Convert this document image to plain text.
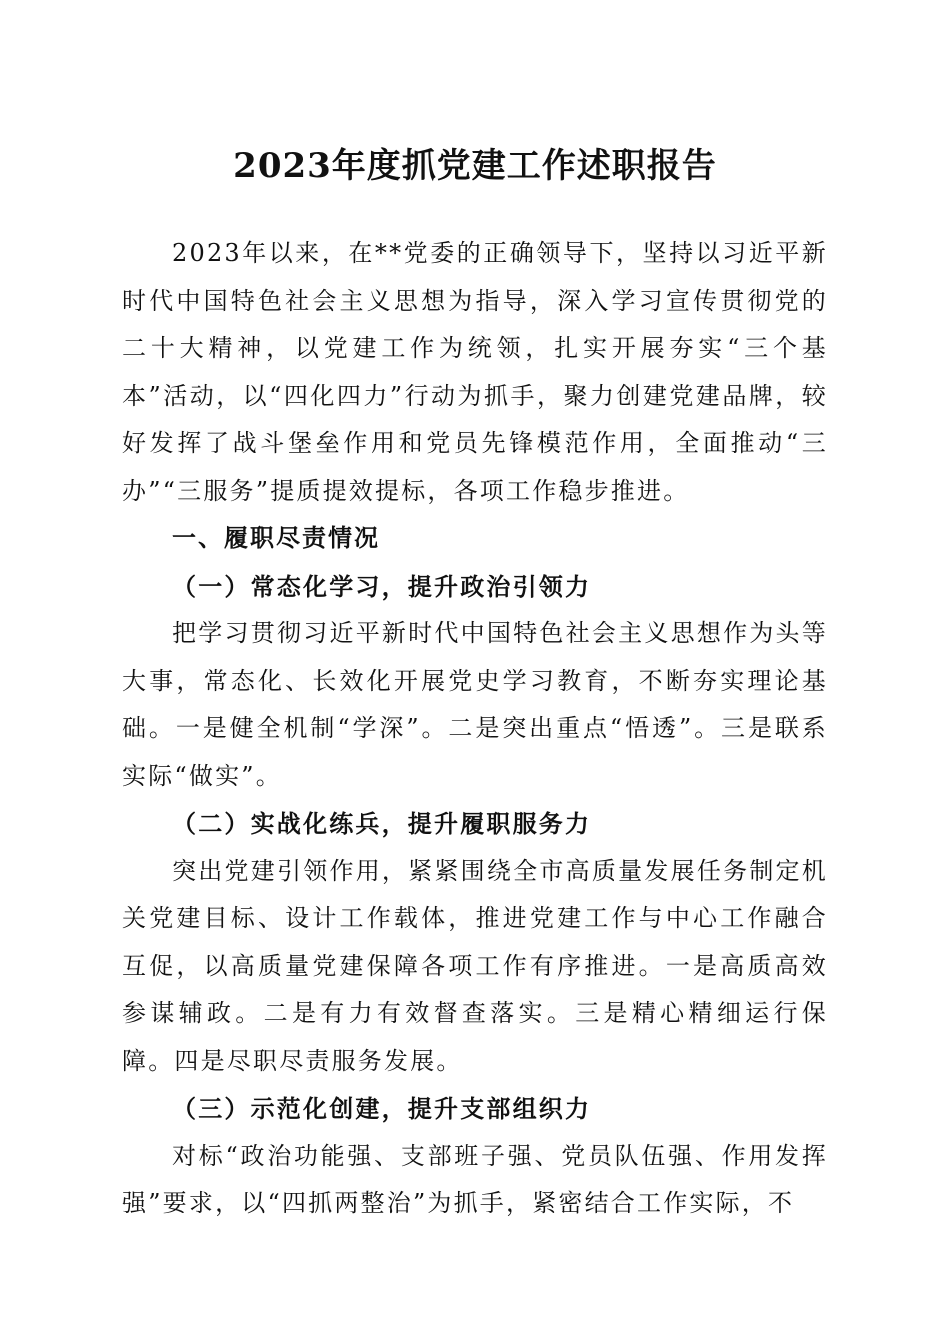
2023年度抓党建工作述职报告

2023年以来，在**党委的正确领导下，坚持以习近平新时代中国特色社会主义思想为指导，深入学习宣传贯彻党的二十大精神，以党建工作为统领，扎实开展夯实“三个基本”活动，以“四化四力”行动为抓手，聚力创建党建品牌，较好发挥了战斗堡垒作用和党员先锋模范作用，全面推动“三办”“三服务”提质提效提标，各项工作稳步推进。

一、履职尽责情况

（一）常态化学习，提升政治引领力

把学习贯彻习近平新时代中国特色社会主义思想作为头等大事，常态化、长效化开展党史学习教育，不断夯实理论基础。一是健全机制“学深”。二是突出重点“悟透”。三是联系实际“做实”。

（二）实战化练兵，提升履职服务力

突出党建引领作用，紧紧围绕全市高质量发展任务制定机关党建目标、设计工作载体，推进党建工作与中心工作融合互促，以高质量党建保障各项工作有序推进。一是高质高效参谋辅政。二是有力有效督查落实。三是精心精细运行保障。四是尽职尽责服务发展。

（三）示范化创建，提升支部组织力

对标“政治功能强、支部班子强、党员队伍强、作用发挥强”要求，以“四抓两整治”为抓手，紧密结合工作实际，不
